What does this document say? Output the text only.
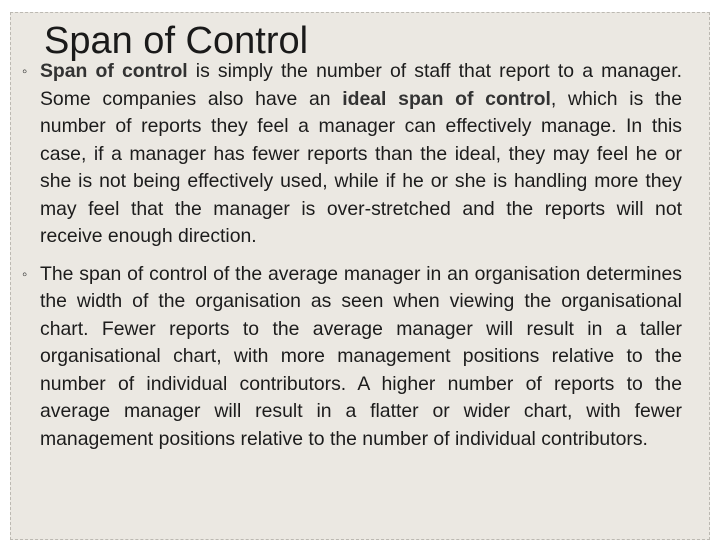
Span of Control

◦ Span of control is simply the number of staff that report to a manager. Some companies also have an ideal span of control, which is the number of reports they feel a manager can effectively manage. In this case, if a manager has fewer reports than the ideal, they may feel he or she is not being effectively used, while if he or she is handling more they may feel that the manager is over-stretched and the reports will not receive enough direction.

◦ The span of control of the average manager in an organisation determines the width of the organisation as seen when viewing the organisational chart. Fewer reports to the average manager will result in a taller organisational chart, with more management positions relative to the number of individual contributors. A higher number of reports to the average manager will result in a flatter or wider chart, with fewer management positions relative to the number of individual contributors.
